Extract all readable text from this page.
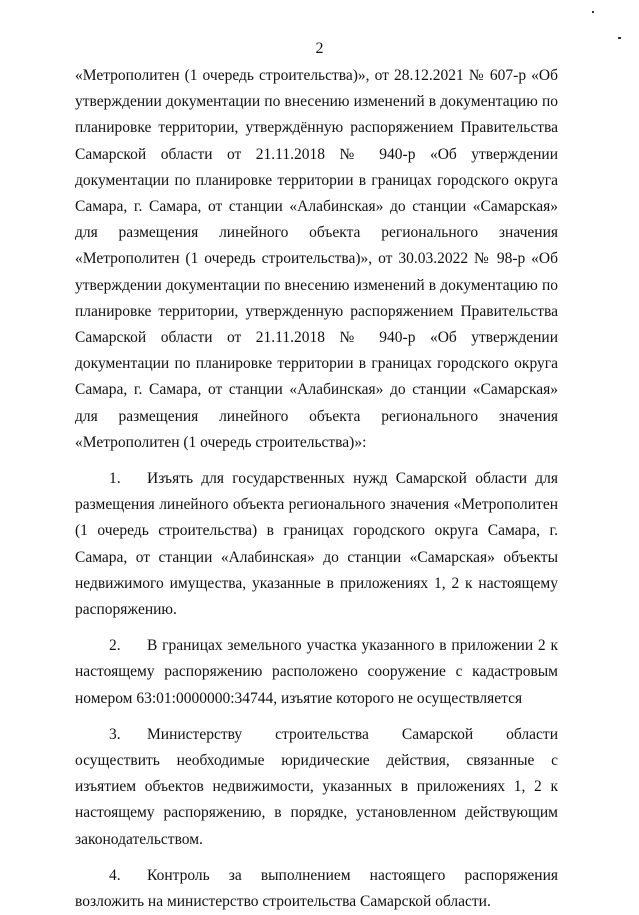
2

«Метрополитен (1 очередь строительства)», от 28.12.2021 № 607-р «Об утверждении документации по внесению изменений в документацию по планировке территории, утверждённую распоряжением Правительства Самарской области от 21.11.2018 № 940-р «Об утверждении документации по планировке территории в границах городского округа Самара, г. Самара, от станции «Алабинская» до станции «Самарская» для размещения линейного объекта регионального значения «Метрополитен (1 очередь строительства)», от 30.03.2022 № 98-р «Об утверждении документации по внесению изменений в документацию по планировке территории, утвержденную распоряжением Правительства Самарской области от 21.11.2018 № 940-р «Об утверждении документации по планировке территории в границах городского округа Самара, г. Самара, от станции «Алабинская» до станции «Самарская» для размещения линейного объекта регионального значения «Метрополитен (1 очередь строительства)»:

1. Изъять для государственных нужд Самарской области для размещения линейного объекта регионального значения «Метрополитен (1 очередь строительства) в границах городского округа Самара, г. Самара, от станции «Алабинская» до станции «Самарская» объекты недвижимого имущества, указанные в приложениях 1, 2 к настоящему распоряжению.

2. В границах земельного участка указанного в приложении 2 к настоящему распоряжению расположено сооружение с кадастровым номером 63:01:0000000:34744, изъятие которого не осуществляется

3. Министерству строительства Самарской области осуществить необходимые юридические действия, связанные с изъятием объектов недвижимости, указанных в приложениях 1, 2 к настоящему распоряжению, в порядке, установленном действующим законодательством.

4. Контроль за выполнением настоящего распоряжения возложить на министерство строительства Самарской области.
